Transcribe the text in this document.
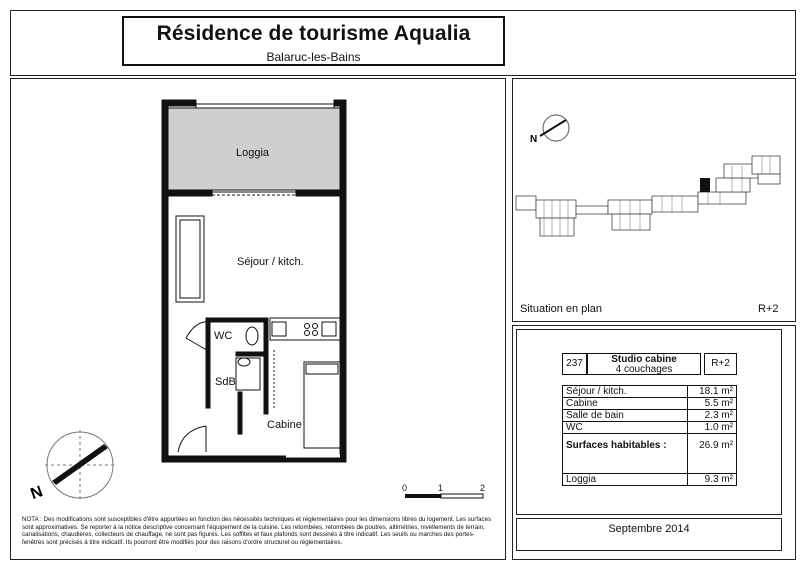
Résidence de tourisme Aqualia
Balaruc-les-Bains
N
N
Loggia
Séjour / kitch.
WC
SdB
Cabine
0	1	2
NOTA : Des modifications sont susceptibles d'être apportées en fonction des nécessités techniques et réglementaires pour les dimensions libres du logement. Les surfaces sont approximatives. Se reporter à la notice descriptive concernant l'équipement de la cuisine. Les retombées, retombées de poutres, altimétries, nivellements de terrain, canalisations, chaudières, collecteurs de chauffage, ne sont pas figurés. Les soffites et faux plafonds sont dessinés à titre indicatif. Les seuils ou marches des portes-fenêtres sont précisés à titre indicatif. Ils pourront être modifiés pour des raisons d'ordre structurel ou réglementaires.
Situation en plan	R+2
237	Studio cabine
4 couchages
R+2
Séjour / kitch.	18.1 m²
Cabine	5.5 m²
Salle de bain	2.3 m²
WC	1.0 m²
Surfaces habitables :	26.9 m²
Loggia	9.3 m²
Septembre 2014
